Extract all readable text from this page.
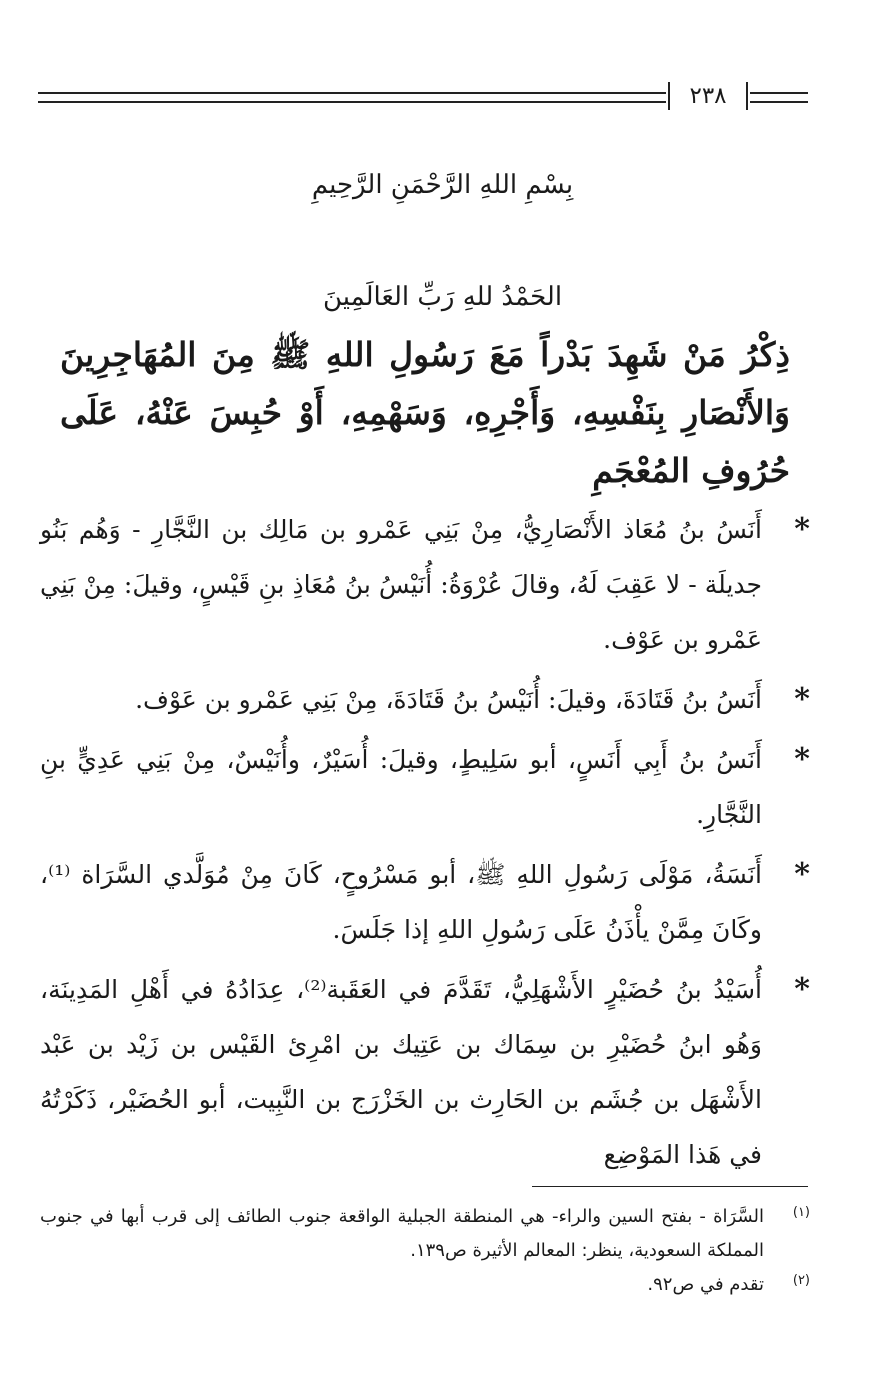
٢٣٨
بِسْمِ اللهِ الرَّحْمَنِ الرَّحِيمِ
الحَمْدُ للهِ رَبِّ العَالَمِينَ
ذِكْرُ مَنْ شَهِدَ بَدْراً مَعَ رَسُولِ اللهِ ﷺ مِنَ المُهَاجِرِينَ وَالأَنْصَارِ بِنَفْسِهِ، وَأَجْرِهِ، وَسَهْمِهِ، أَوْ حُبِسَ عَنْهُ، عَلَى حُرُوفِ المُعْجَمِ
*
أَنَسُ بنُ مُعَاذ الأَنْصَارِيُّ، مِنْ بَنِي عَمْرو بن مَالِك بن النَّجَّارِ - وَهُم بَنُو جديلَة - لا عَقِبَ لَهُ، وقالَ عُرْوَةُ: أُنَيْسُ بنُ مُعَاذِ بنِ قَيْسٍ، وقيلَ: مِنْ بَنِي عَمْرو بن عَوْف.
*
أَنَسُ بنُ قَتَادَةَ، وقيلَ: أُنَيْسُ بنُ قَتَادَةَ، مِنْ بَنِي عَمْرو بن عَوْف.
*
أَنَسُ بنُ أَبِي أَنَسٍ، أبو سَلِيطٍ، وقيلَ: أُسَيْرٌ، وأُنَيْسٌ، مِنْ بَنِي عَدِيٍّ بنِ النَّجَّارِ.
*
أَنَسَةُ، مَوْلَى رَسُولِ اللهِ ﷺ، أبو مَسْرُوحٍ، كَانَ مِنْ مُوَلَّدي السَّرَاة ⁽¹⁾، وكَانَ مِمَّنْ يأْذَنُ عَلَى رَسُولِ اللهِ إذا جَلَسَ.
*
أُسَيْدُ بنُ حُضَيْرٍ الأَشْهَلِيُّ، تَقَدَّمَ في العَقَبة⁽²⁾، عِدَادُهُ في أَهْلِ المَدِينَة، وَهُو ابنُ حُضَيْرِ بن سِمَاك بن عَتِيك بن امْرِئ القَيْس بن زَيْد بن عَبْد الأَشْهَل بن جُشَم بن الحَارِث بن الخَزْرَج بن النَّبِيت، أبو الحُضَيْر، ذَكَرْتُهُ في هَذا المَوْضِع
(١)
السَّرَاة - بفتح السين والراء- هي المنطقة الجبلية الواقعة جنوب الطائف إلى قرب أبها في جنوب المملكة السعودية، ينظر: المعالم الأثيرة ص١٣٩.
(٢)
تقدم في ص٩٢.
